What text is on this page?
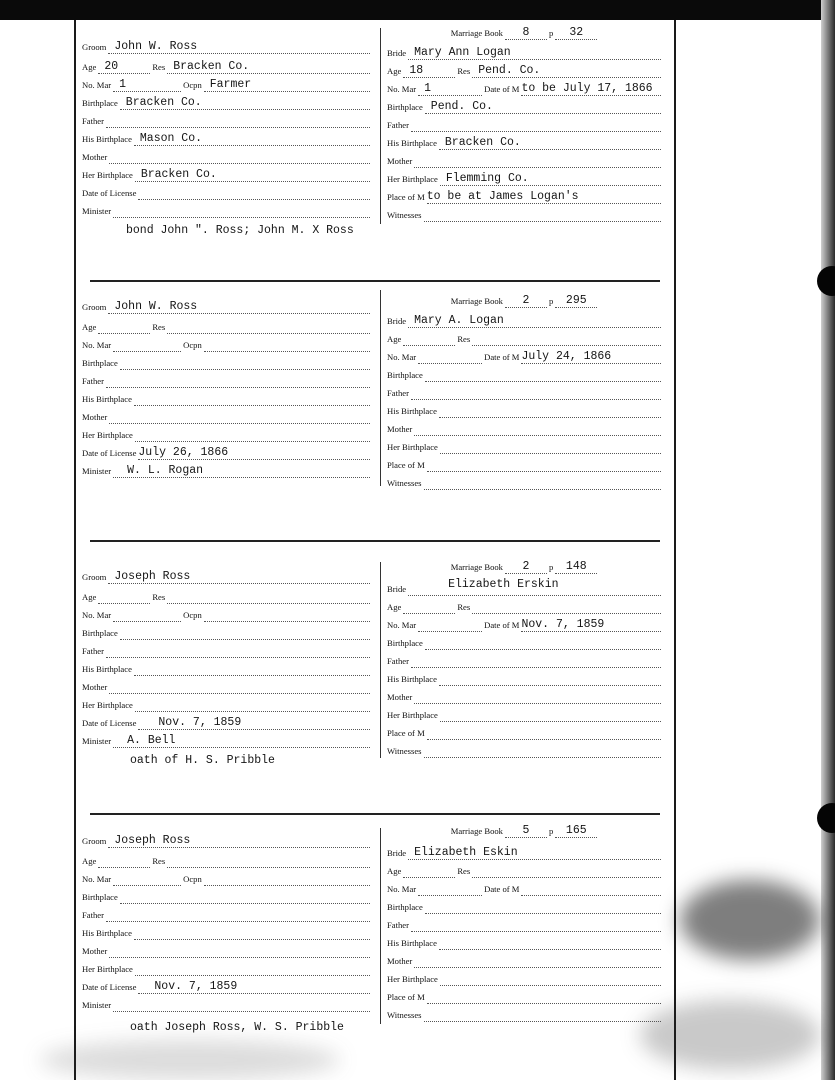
Groom John W. Ross
Age 20	Res Bracken Co.
No. Mar 1	Ocpn Farmer
Birthplace Bracken Co.
Father
His Birthplace Mason Co.
Mother
Her Birthplace Bracken Co.
Date of License
Minister
Marriage Book 8 p 32
Bride Mary Ann Logan
Age 18	Res Pend. Co.
No. Mar 1	Date of M to be July 17, 1866
Birthplace Pend. Co.
Father
His Birthplace Bracken Co.
Mother
Her Birthplace Flemming Co.
Place of M to be at James Logan's
Witnesses
bond John ". Ross; John M. X Ross
Groom John W. Ross
Age	Res
No. Mar	Ocpn
Birthplace
Father
His Birthplace
Mother
Her Birthplace
Date of License July 26, 1866
Minister W. L. Rogan
Marriage Book 2 p 295
Bride Mary A. Logan
Age	Res
No. Mar	Date of M July 24, 1866
Birthplace
Father
His Birthplace
Mother
Her Birthplace
Place of M
Witnesses
Groom Joseph Ross
Age	Res
No. Mar	Ocpn
Birthplace
Father
His Birthplace
Mother
Her Birthplace
Date of License Nov. 7, 1859
Minister A. Bell
Marriage Book 2 p 148
Bride	Elizabeth Erskin
Age	Res
No. Mar	Date of M Nov. 7, 1859
Birthplace
Father
His Birthplace
Mother
Her Birthplace
Place of M
Witnesses
oath of H. S. Pribble
Groom Joseph Ross
Age	Res
No. Mar	Ocpn
Birthplace
Father
His Birthplace
Mother
Her Birthplace
Date of License Nov. 7, 1859
Minister
Marriage Book 5 p 165
Bride Elizabeth Eskin
Age	Res
No. Mar	Date of M
Birthplace
Father
His Birthplace
Mother
Her Birthplace
Place of M
Witnesses
oath Joseph Ross, W. S. Pribble
